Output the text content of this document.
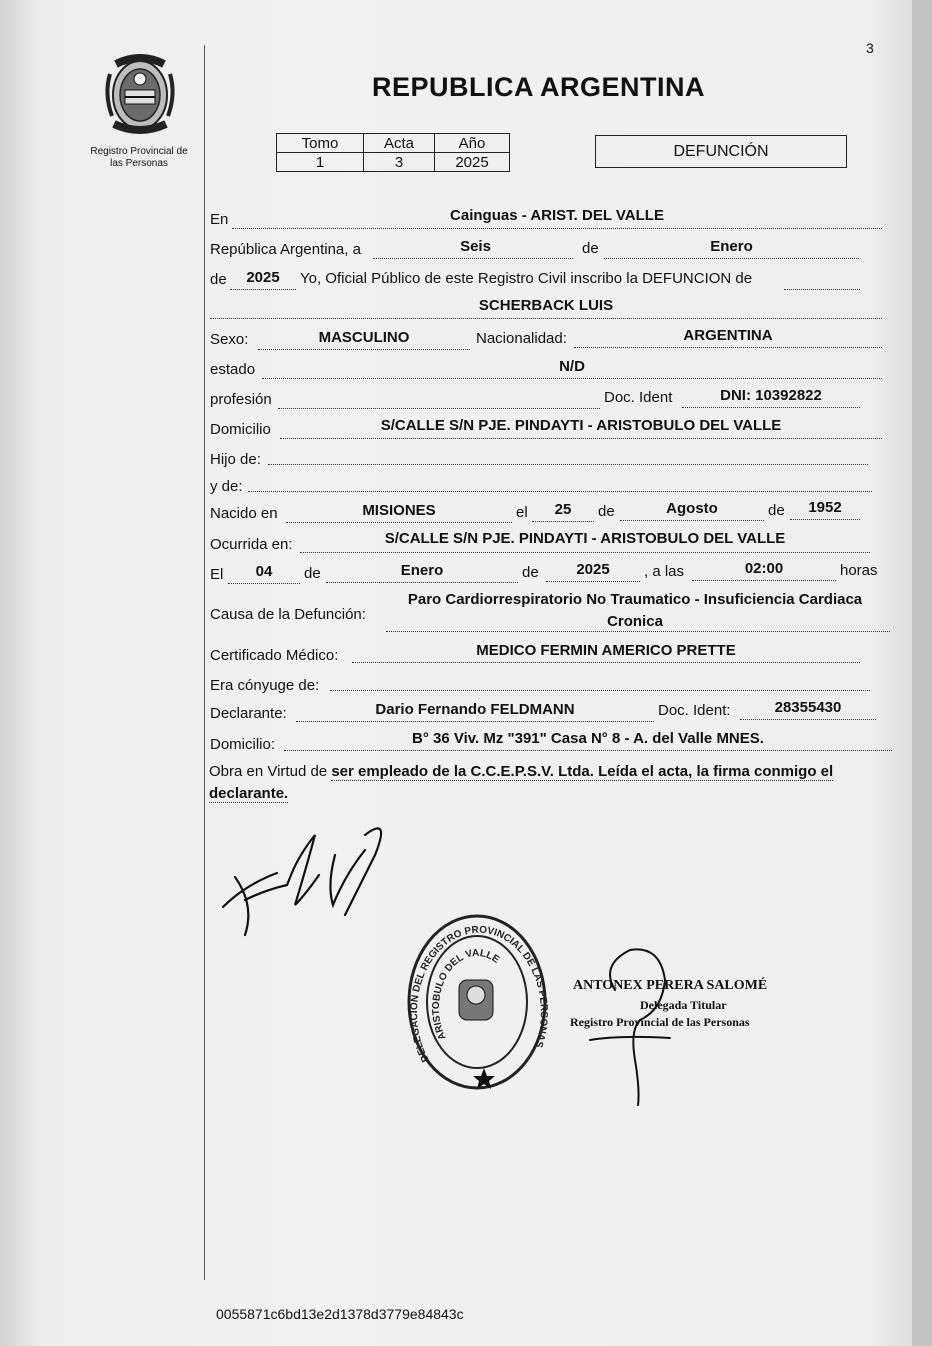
3
Registro Provincial de
las Personas
REPUBLICA ARGENTINA
Tomo	Acta	Año
1	3	2025
DEFUNCIÓN
En	Cainguas - ARIST. DEL VALLE
República Argentina, a	Seis	de	Enero
de	2025	Yo, Oficial Público de este Registro Civil inscribo la DEFUNCION de
SCHERBACK LUIS
Sexo:	MASCULINO	Nacionalidad:	ARGENTINA
estado	N/D
profesión	Doc. Ident	DNI: 10392822
Domicilio	S/CALLE S/N PJE. PINDAYTI - ARISTOBULO DEL VALLE
Hijo de:
y de:
Nacido en	MISIONES	el	25	de	Agosto	de	1952
Ocurrida en:	S/CALLE S/N PJE. PINDAYTI - ARISTOBULO DEL VALLE
El	04	de	Enero	de	2025	, a las	02:00	horas
Causa de la Defunción:
Paro Cardiorrespiratorio No Traumatico - Insuficiencia Cardiaca
Cronica
Certificado Médico:	MEDICO FERMIN AMERICO PRETTE
Era cónyuge de:
Declarante:	Dario Fernando FELDMANN	Doc. Ident:	28355430
Domicilio:	B° 36 Viv. Mz "391" Casa N° 8 - A. del Valle MNES.
Obra en Virtud de ser empleado de la C.C.E.P.S.V. Ltda. Leída el acta, la firma conmigo el declarante.
DELEGACION DEL REGISTRO PROVINCIAL DE LAS PERSONAS
ARISTOBULO DEL VALLE
ANTONEX PERERA SALOMÉ
Delegada Titular
Registro Provincial de las Personas
0055871c6bd13e2d1378d3779e84843c
